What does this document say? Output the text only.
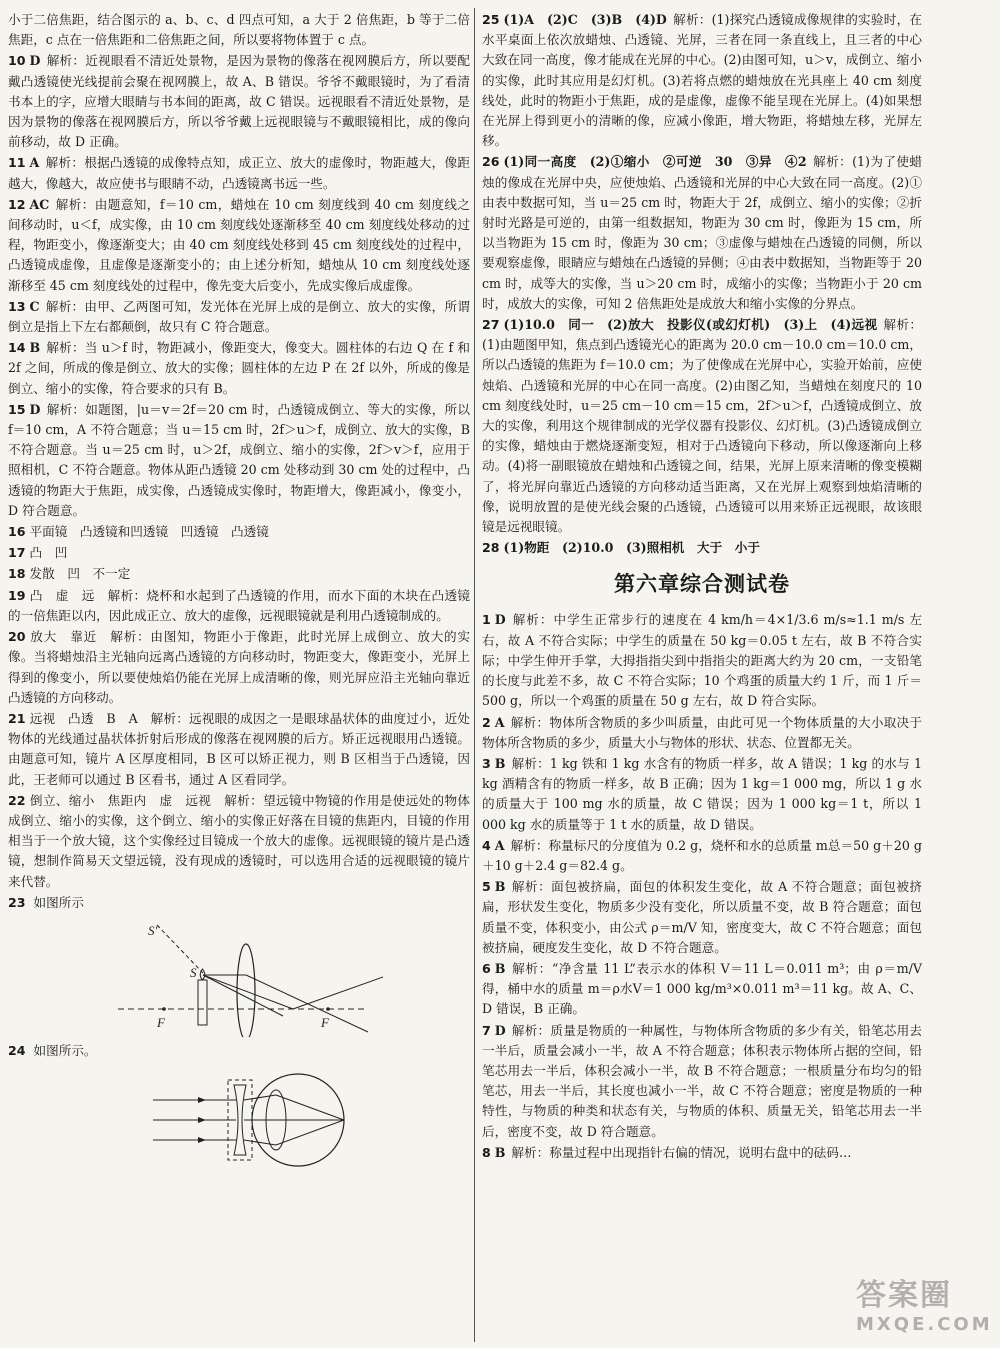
小于二倍焦距，结合图示的 a、b、c、d 四点可知，a 大于 2 倍焦距，b 等于二倍焦距，c 点在一倍焦距和二倍焦距之间，所以要将物体置于 c 点。

10 D 解析：近视眼看不清近处景物，是因为景物的像落在视网膜后方，所以要配戴凸透镜使光线提前会聚在视网膜上，故 A、B 错误。爷爷不戴眼镜时，为了看清书本上的字，应增大眼睛与书本间的距离，故 C 错误。远视眼看不清近处景物，是因为景物的像落在视网膜后方，所以爷爷戴上远视眼镜与不戴眼镜相比，成的像向前移动，故 D 正确。

11 A 解析：根据凸透镜的成像特点知，成正立、放大的虚像时，物距越大，像距越大，像越大，故应使书与眼睛不动，凸透镜离书远一些。

12 AC 解析：由题意知，f＝10 cm，蜡烛在 10 cm 刻度线到 40 cm 刻度线之间移动时，u＜f，成实像，由 10 cm 刻度线处逐渐移至 40 cm 刻度线处移动的过程，物距变小，像逐渐变大；由 40 cm 刻度线处移到 45 cm 刻度线处的过程中，凸透镜成虚像，且虚像是逐渐变小的；由上述分析知，蜡烛从 10 cm 刻度线处逐渐移至 45 cm 刻度线处的过程中，像先变大后变小，先成实像后成虚像。

13 C 解析：由甲、乙两图可知，发光体在光屏上成的是倒立、放大的实像，所谓倒立是指上下左右都颠倒，故只有 C 符合题意。

14 B 解析：当 u＞f 时，物距减小，像距变大，像变大。圆柱体的右边 Q 在 f 和 2f 之间，所成的像是倒立、放大的实像；圆柱体的左边 P 在 2f 以外，所成的像是倒立、缩小的实像，符合要求的只有 B。

15 D 解析：如题图，|u＝v＝2f＝20 cm 时，凸透镜成倒立、等大的实像，所以 f＝10 cm，A 不符合题意；当 u＝15 cm 时，2f＞u＞f，成倒立、放大的实像，B 不符合题意。当 u＝25 cm 时，u＞2f，成倒立、缩小的实像，2f＞v＞f，应用于照相机，C 不符合题意。物体从距凸透镜 20 cm 处移动到 30 cm 处的过程中，凸透镜的物距大于焦距，成实像，凸透镜成实像时，物距增大，像距减小，像变小，D 符合题意。

16 平面镜　凸透镜和凹透镜　凹透镜　凸透镜

17 凸　凹

18 发散　凹　不一定

19 凸　虚　远　解析：烧杯和水起到了凸透镜的作用，而水下面的木块在凸透镜的一倍焦距以内，因此成正立、放大的虚像，远视眼镜就是利用凸透镜制成的。

20 放大　靠近　解析：由图知，物距小于像距，此时光屏上成倒立、放大的实像。当将蜡烛沿主光轴向远离凸透镜的方向移动时，物距变大，像距变小，光屏上得到的像变小，所以要使烛焰仍能在光屏上成清晰的像，则光屏应沿主光轴向靠近凸透镜的方向移动。

21 远视　凸透　B　A　解析：远视眼的成因之一是眼球晶状体的曲度过小，近处物体的光线通过晶状体折射后形成的像落在视网膜的后方。矫正远视眼用凸透镜。由题意可知，镜片 A 区厚度相同，B 区可以矫正视力，则 B 区相当于凸透镜，因此，王老师可以通过 B 区看书，通过 A 区看同学。

22 倒立、缩小　焦距内　虚　远视　解析：望远镜中物镜的作用是使远处的物体成倒立、缩小的实像，这个倒立、缩小的实像正好落在目镜的焦距内，目镜的作用相当于一个放大镜，这个实像经过目镜成一个放大的虚像。远视眼镜的镜片是凸透镜，想制作简易天文望远镜，没有现成的透镜时，可以选用合适的远视眼镜的镜片来代替。

23 如图所示

S'
S
F	F

24 如图所示。

25 (1)A　(2)C　(3)B　(4)D 解析：(1)探究凸透镜成像规律的实验时，在水平桌面上依次放蜡烛、凸透镜、光屏，三者在同一条直线上，且三者的中心大致在同一高度，像才能成在光屏的中心。(2)由图可知，u＞v，成倒立、缩小的实像，此时其应用是幻灯机。(3)若将点燃的蜡烛放在光具座上 40 cm 刻度线处，此时的物距小于焦距，成的是虚像，虚像不能呈现在光屏上。(4)如果想在光屏上得到更小的清晰的像，应减小像距，增大物距，将蜡烛左移，光屏左移。

26 (1)同一高度　(2)①缩小　②可逆　30　③异　④2 解析：(1)为了使蜡烛的像成在光屏中央，应使烛焰、凸透镜和光屏的中心大致在同一高度。(2)①由表中数据可知，当 u＝25 cm 时，物距大于 2f，成倒立、缩小的实像；②折射时光路是可逆的，由第一组数据知，物距为 30 cm 时，像距为 15 cm，所以当物距为 15 cm 时，像距为 30 cm；③虚像与蜡烛在凸透镜的同侧，所以要观察虚像，眼睛应与蜡烛在凸透镜的异侧；④由表中数据知，当物距等于 20 cm 时，成等大的实像，当 u＞20 cm 时，成缩小的实像；当物距小于 20 cm 时，成放大的实像，可知 2 倍焦距处是成放大和缩小实像的分界点。

27 (1)10.0　同一　(2)放大　投影仪(或幻灯机)　(3)上　(4)远视 解析：(1)由题图甲知，焦点到凸透镜光心的距离为 20.0 cm－10.0 cm＝10.0 cm，所以凸透镜的焦距为 f＝10.0 cm；为了使像成在光屏中心，实验开始前，应使烛焰、凸透镜和光屏的中心在同一高度。(2)由图乙知，当蜡烛在刻度尺的 10 cm 刻度线处时，u＝25 cm－10 cm＝15 cm，2f＞u＞f，凸透镜成倒立、放大的实像，利用这个规律制成的光学仪器有投影仪、幻灯机。(3)凸透镜成倒立的实像，蜡烛由于燃烧逐渐变短，相对于凸透镜向下移动，所以像逐渐向上移动。(4)将一副眼镜放在蜡烛和凸透镜之间，结果，光屏上原来清晰的像变模糊了，将光屏向靠近凸透镜的方向移动适当距离，又在光屏上观察到烛焰清晰的像，说明放置的是使光线会聚的凸透镜，凸透镜可以用来矫正远视眼，故该眼镜是远视眼镜。

28 (1)物距　(2)10.0　(3)照相机　大于　小于

第六章综合测试卷

1 D 解析：中学生正常步行的速度在 4 km/h＝4×1/3.6 m/s≈1.1 m/s 左右，故 A 不符合实际；中学生的质量在 50 kg＝0.05 t 左右，故 B 不符合实际；中学生伸开手掌，大拇指指尖到中指指尖的距离大约为 20 cm，一支铅笔的长度与此差不多，故 C 不符合实际；10 个鸡蛋的质量大约 1 斤，而 1 斤＝500 g，所以一个鸡蛋的质量在 50 g 左右，故 D 符合实际。

2 A 解析：物体所含物质的多少叫质量，由此可见一个物体质量的大小取决于物体所含物质的多少，质量大小与物体的形状、状态、位置都无关。

3 B 解析：1 kg 铁和 1 kg 水含有的物质一样多，故 A 错误；1 kg 的水与 1 kg 酒精含有的物质一样多，故 B 正确；因为 1 kg＝1 000 mg，所以 1 g 水的质量大于 100 mg 水的质量，故 C 错误；因为 1 000 kg＝1 t，所以 1 000 kg 水的质量等于 1 t 水的质量，故 D 错误。

4 A 解析：称量标尺的分度值为 0.2 g，烧杯和水的总质量 m总＝50 g＋20 g＋10 g＋2.4 g＝82.4 g。

5 B 解析：面包被挤扁，面包的体积发生变化，故 A 不符合题意；面包被挤扁，形状发生变化，物质多少没有变化，所以质量不变，故 B 符合题意；面包质量不变，体积变小，由公式 ρ＝m/V 知，密度变大，故 C 不符合题意；面包被挤扁，硬度发生变化，故 D 不符合题意。

6 B 解析：“净含量 11 L”表示水的体积 V＝11 L＝0.011 m³；由 ρ＝m/V 得，桶中水的质量 m＝ρ水V＝1 000 kg/m³×0.011 m³＝11 kg。故 A、C、D 错误，B 正确。

7 D 解析：质量是物质的一种属性，与物体所含物质的多少有关，铅笔芯用去一半后，质量会减小一半，故 A 不符合题意；体积表示物体所占据的空间，铅笔芯用去一半后，体积会减小一半，故 B 不符合题意；一根质量分布均匀的铅笔芯，用去一半后，其长度也减小一半，故 C 不符合题意；密度是物质的一种特性，与物质的种类和状态有关，与物质的体积、质量无关，铅笔芯用去一半后，密度不变，故 D 符合题意。

8 B 解析：称量过程中出现指针右偏的情况，说明右盘中的砝码…

答案圈
MXQE.COM
